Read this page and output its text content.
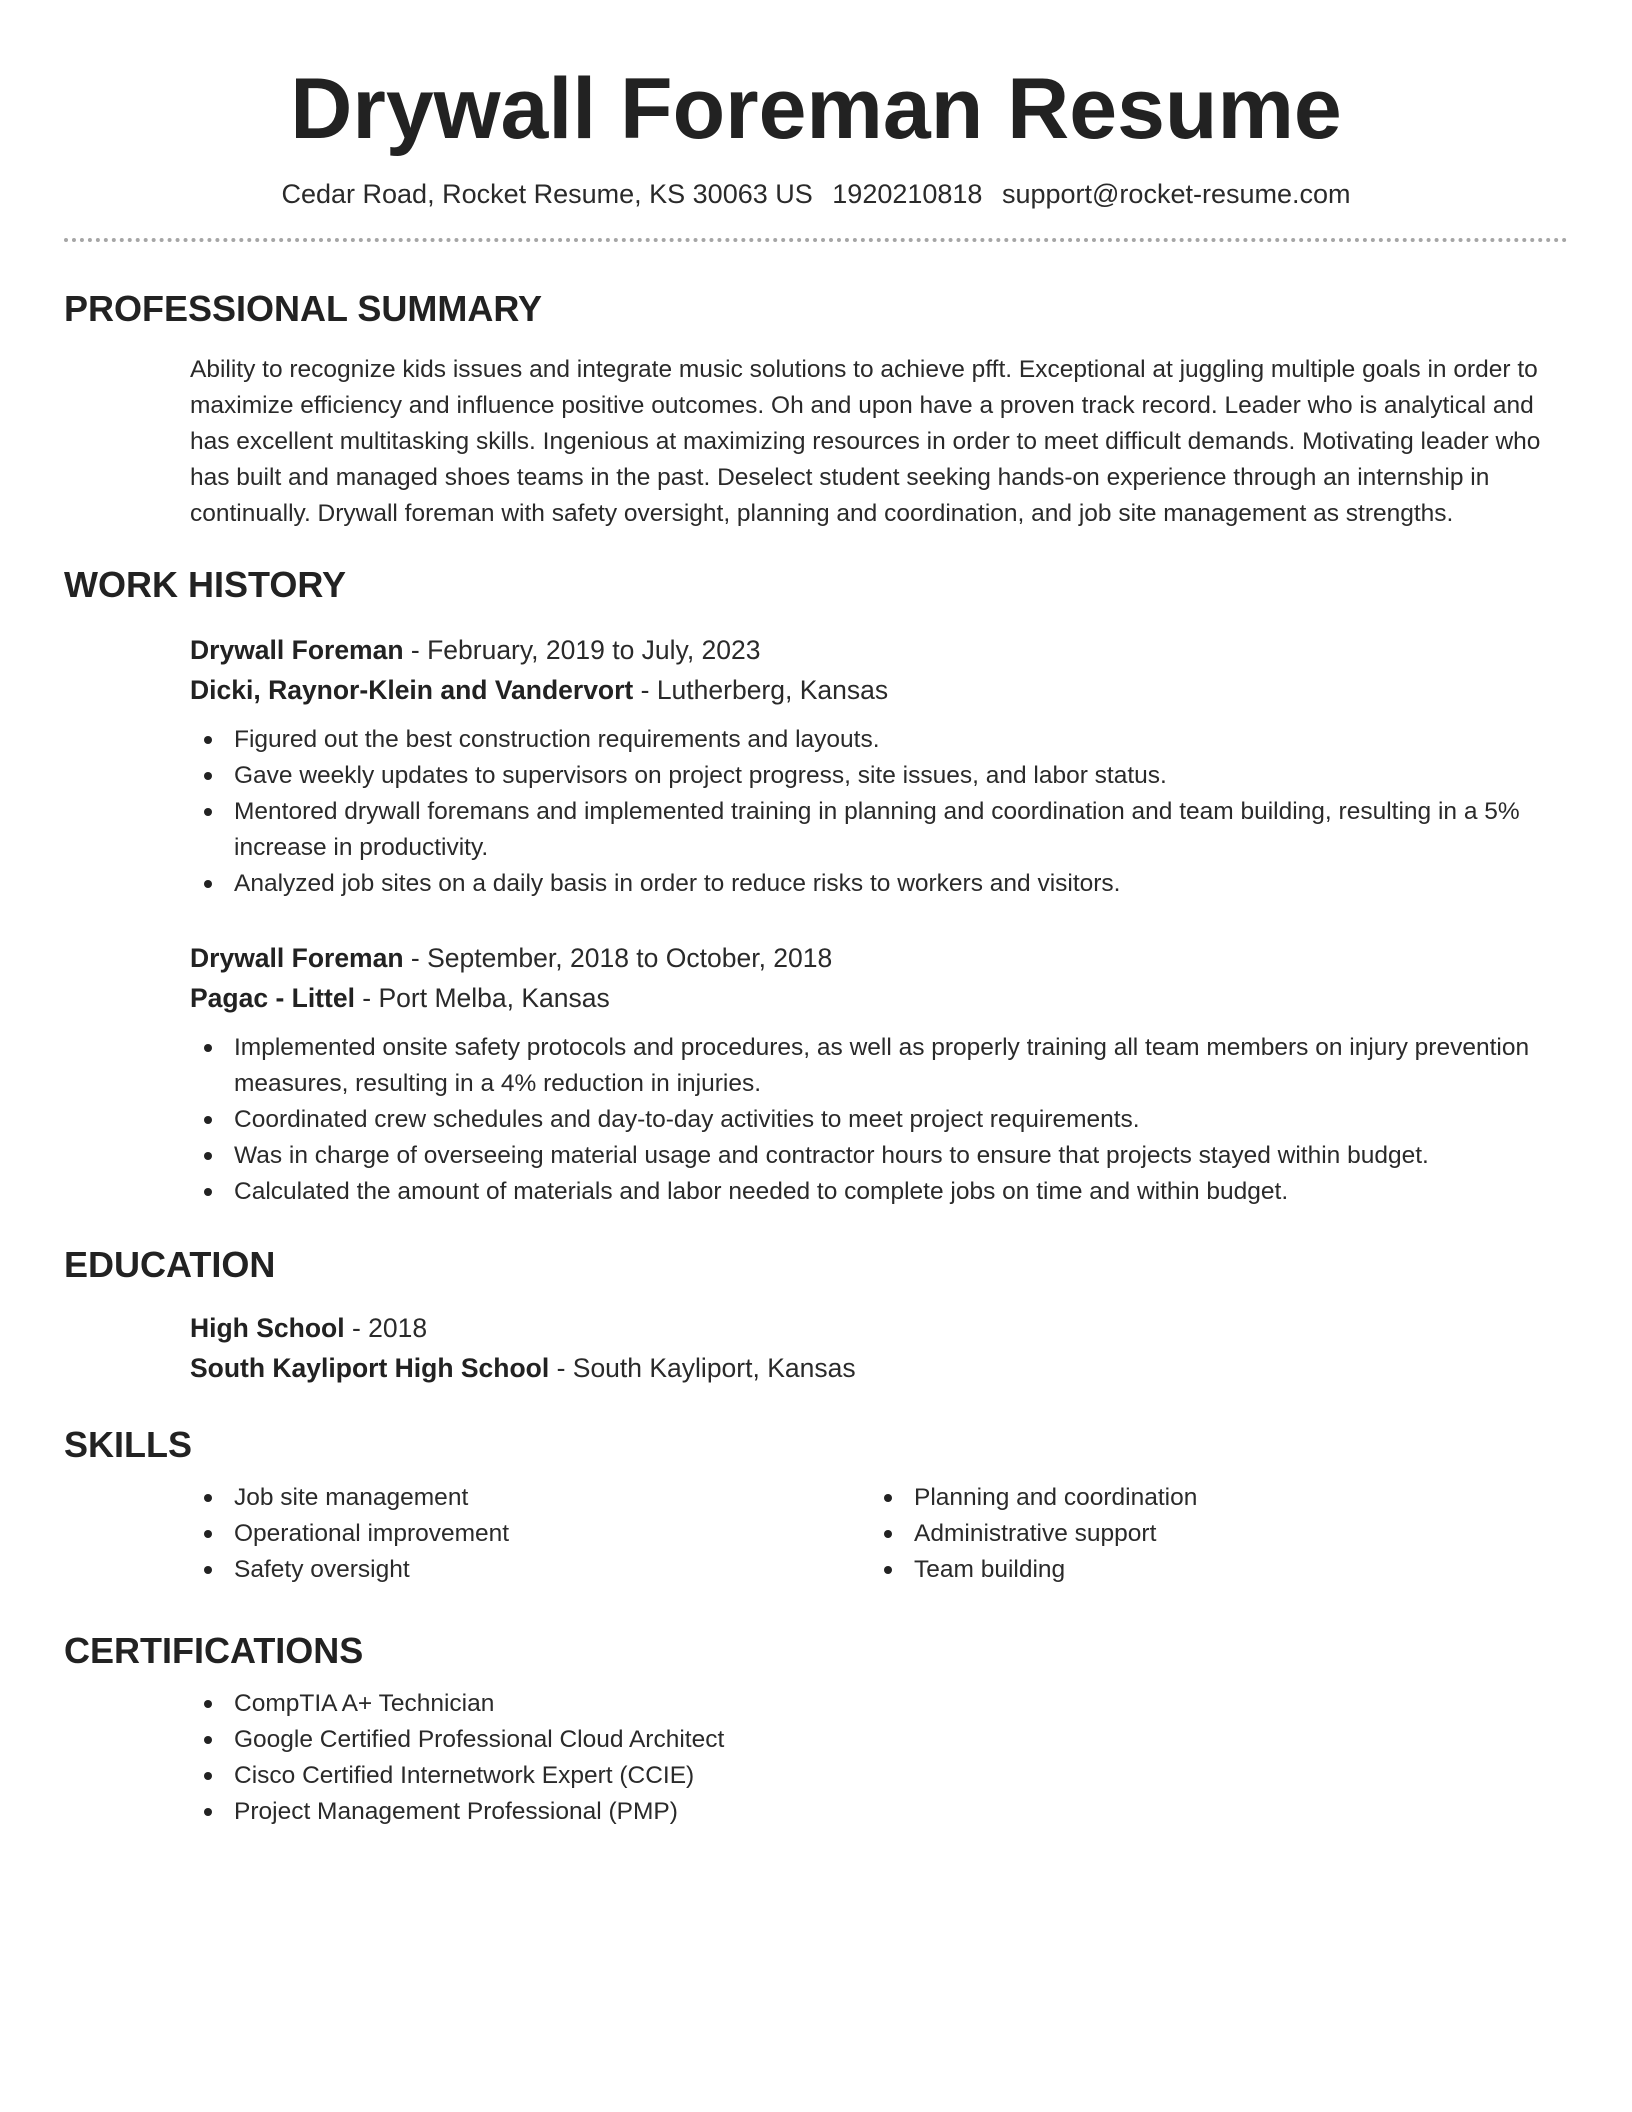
Drywall Foreman Resume
Cedar Road, Rocket Resume, KS 30063 US 1920210818 support@rocket-resume.com
PROFESSIONAL SUMMARY

Ability to recognize kids issues and integrate music solutions to achieve pfft. Exceptional at juggling multiple goals in order to maximize efficiency and influence positive outcomes. Oh and upon have a proven track record. Leader who is analytical and has excellent multitasking skills. Ingenious at maximizing resources in order to meet difficult demands. Motivating leader who has built and managed shoes teams in the past. Deselect student seeking hands-on experience through an internship in continually. Drywall foreman with safety oversight, planning and coordination, and job site management as strengths.

WORK HISTORY
Drywall Foreman - February, 2019 to July, 2023
Dicki, Raynor-Klein and Vandervort - Lutherberg, Kansas
Figured out the best construction requirements and layouts.
Gave weekly updates to supervisors on project progress, site issues, and labor status.
Mentored drywall foremans and implemented training in planning and coordination and team building, resulting in a 5% increase in productivity.
Analyzed job sites on a daily basis in order to reduce risks to workers and visitors.
Drywall Foreman - September, 2018 to October, 2018
Pagac - Littel - Port Melba, Kansas
Implemented onsite safety protocols and procedures, as well as properly training all team members on injury prevention measures, resulting in a 4% reduction in injuries.
Coordinated crew schedules and day-to-day activities to meet project requirements.
Was in charge of overseeing material usage and contractor hours to ensure that projects stayed within budget.
Calculated the amount of materials and labor needed to complete jobs on time and within budget.
EDUCATION
High School - 2018
South Kayliport High School - South Kayliport, Kansas
SKILLS
Job site management
Operational improvement
Safety oversight
Planning and coordination
Administrative support
Team building
CERTIFICATIONS
CompTIA A+ Technician
Google Certified Professional Cloud Architect
Cisco Certified Internetwork Expert (CCIE)
Project Management Professional (PMP)
